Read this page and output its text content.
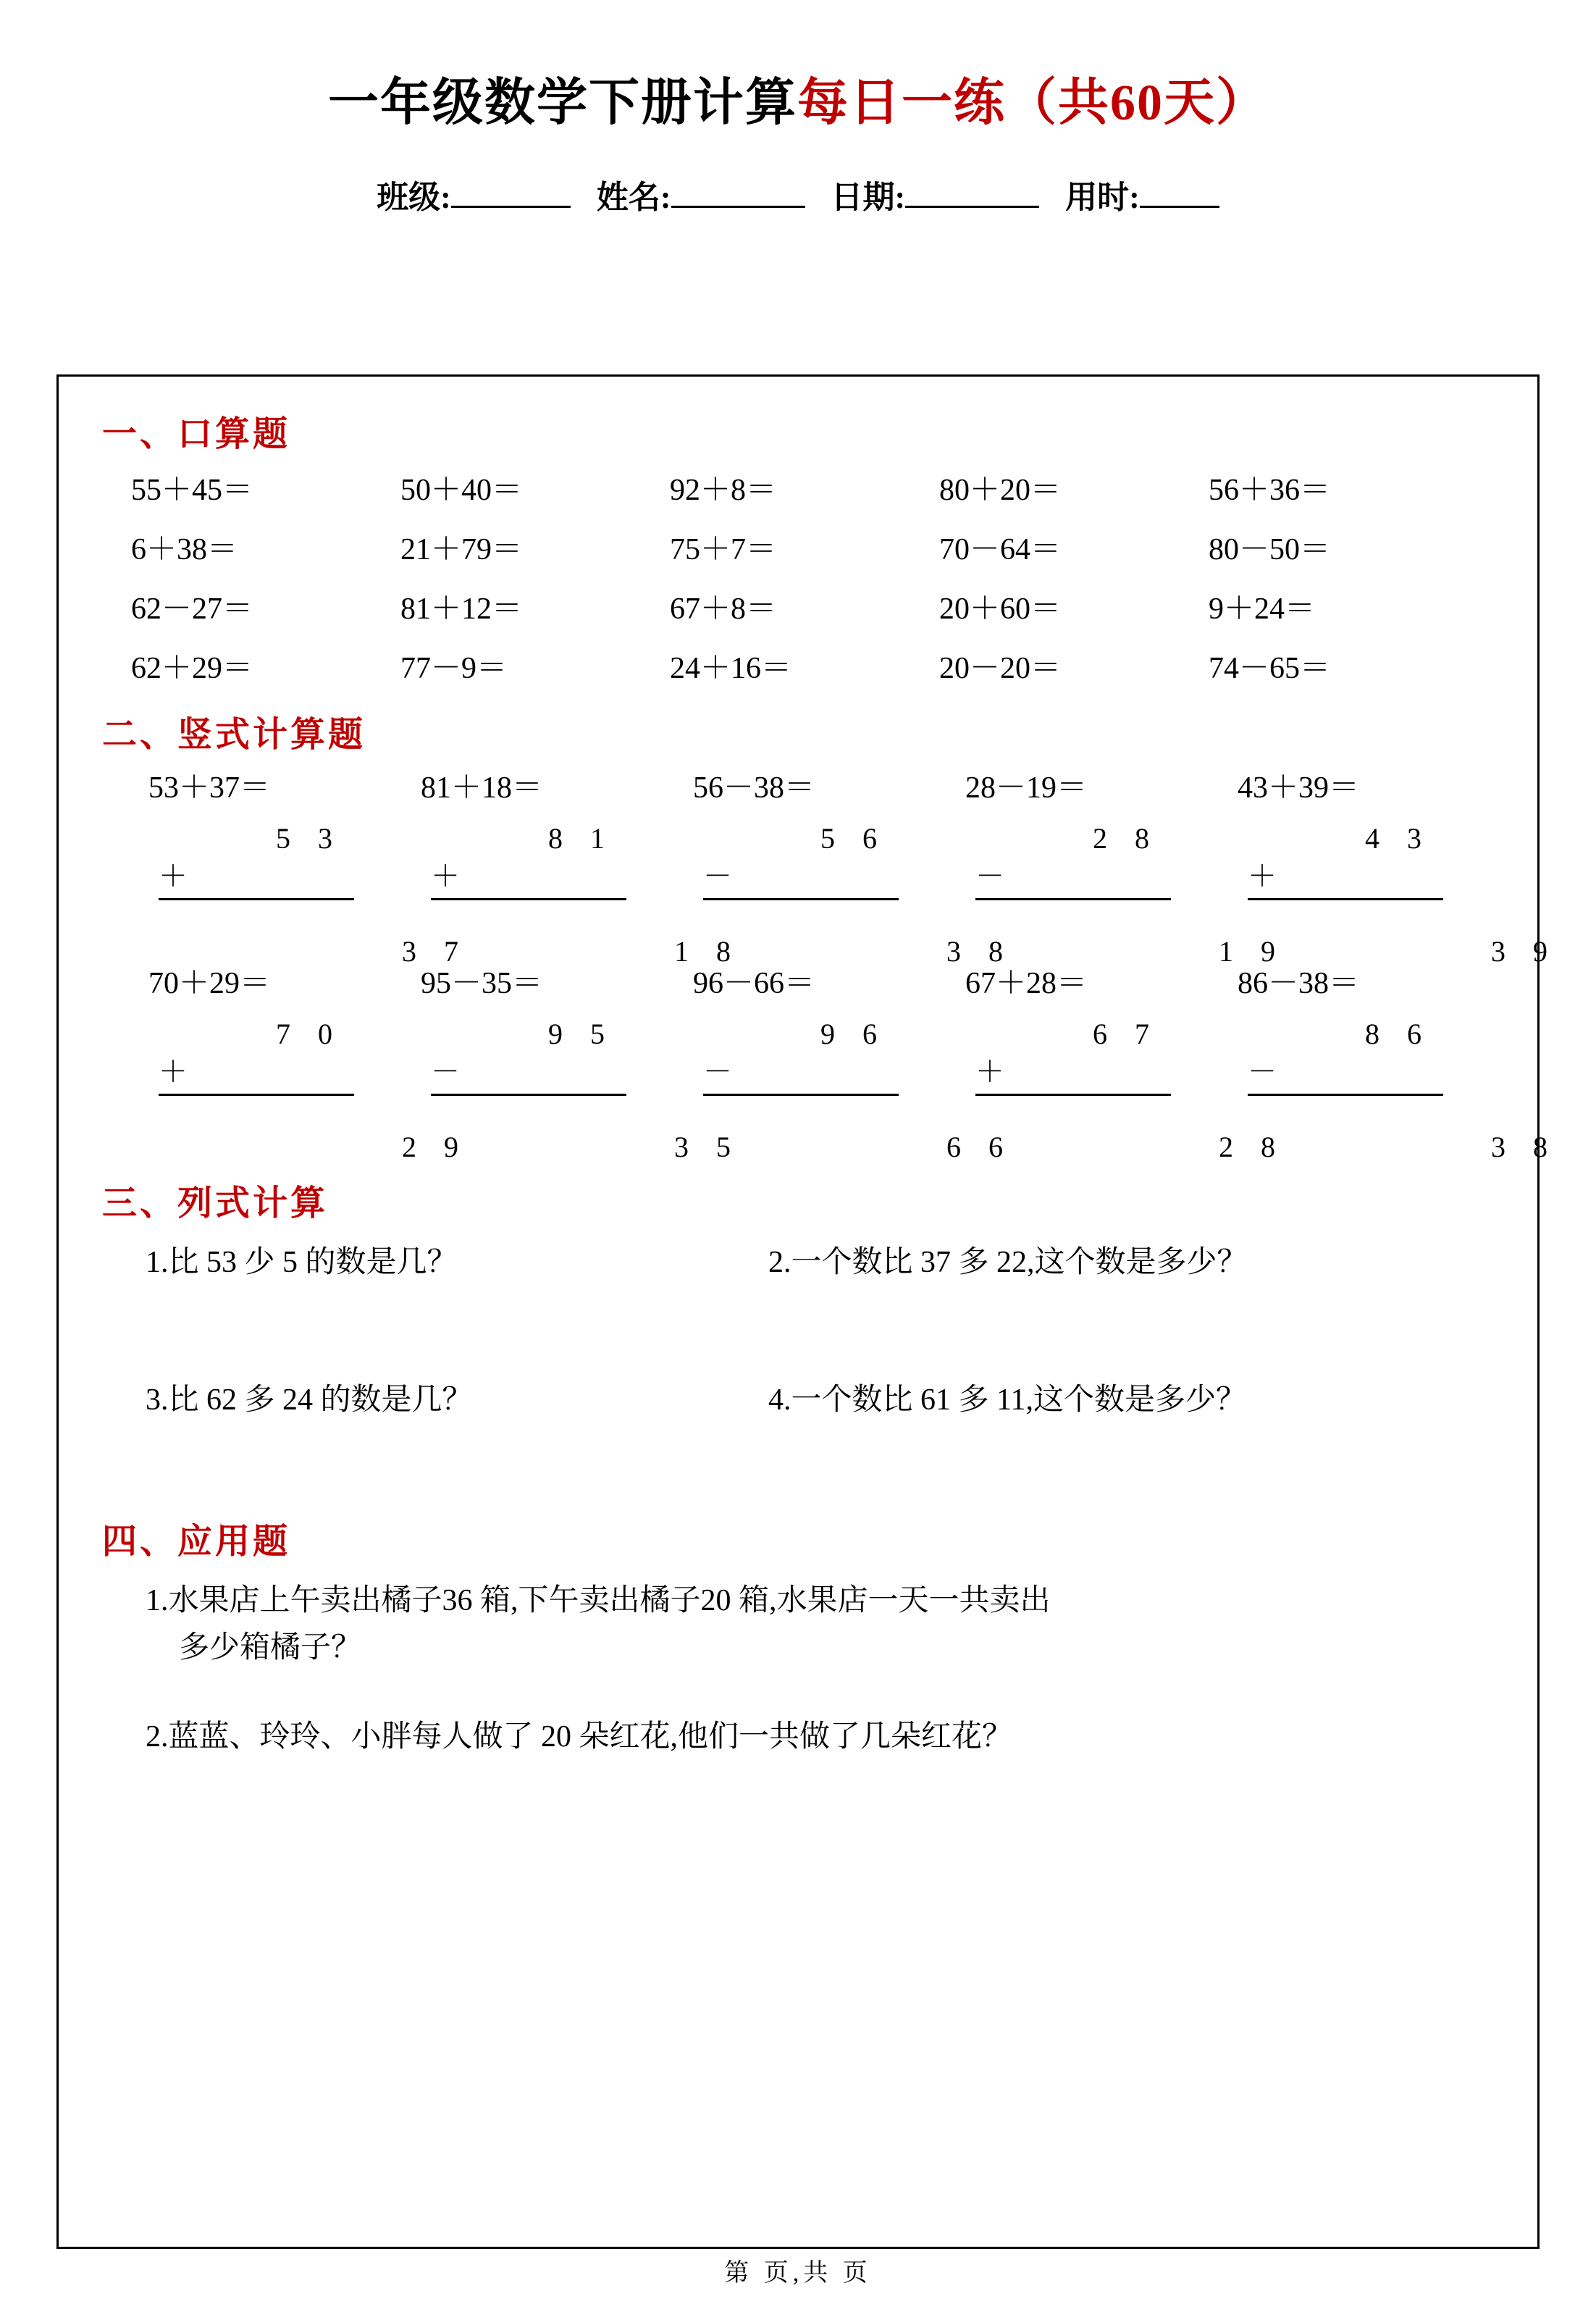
一年级数学下册计算每日一练（共60天）
班级:	姓名:	日期:	用时:
一、口算题
55＋45＝	50＋40＝	92＋8＝	80＋20＝	56＋36＝
6＋38＝	21＋79＝	75＋7＝	70－64＝	80－50＝
62－27＝	81＋12＝	67＋8＝	20＋60＝	9＋24＝
62＋29＝	77－9＝	24＋16＝	20－20＝	74－65＝
二、竖式计算题
53＋37＝
5 3

＋

3 7

81＋18＝
8 1

＋

1 8

56－38＝
5 6

－

3 8

28－19＝
2 8

－

1 9

43＋39＝
4 3

＋

3 9

70＋29＝
7 0

＋

2 9

95－35＝
9 5

－

3 5

96－66＝
9 6

－

6 6

67＋28＝
6 7

＋

2 8

86－38＝
8 6

－

3 8

三、列式计算
1.比 53 少 5 的数是几？	2.一个数比 37 多 22,这个数是多少？
3.比 62 多 24 的数是几？	4.一个数比 61 多 11,这个数是多少？
四、应用题
1.水果店上午卖出橘子36 箱,下午卖出橘子20 箱,水果店一天一共卖出
多少箱橘子？
2.蓝蓝、玲玲、小胖每人做了 20 朵红花,他们一共做了几朵红花？
第 页,共 页
